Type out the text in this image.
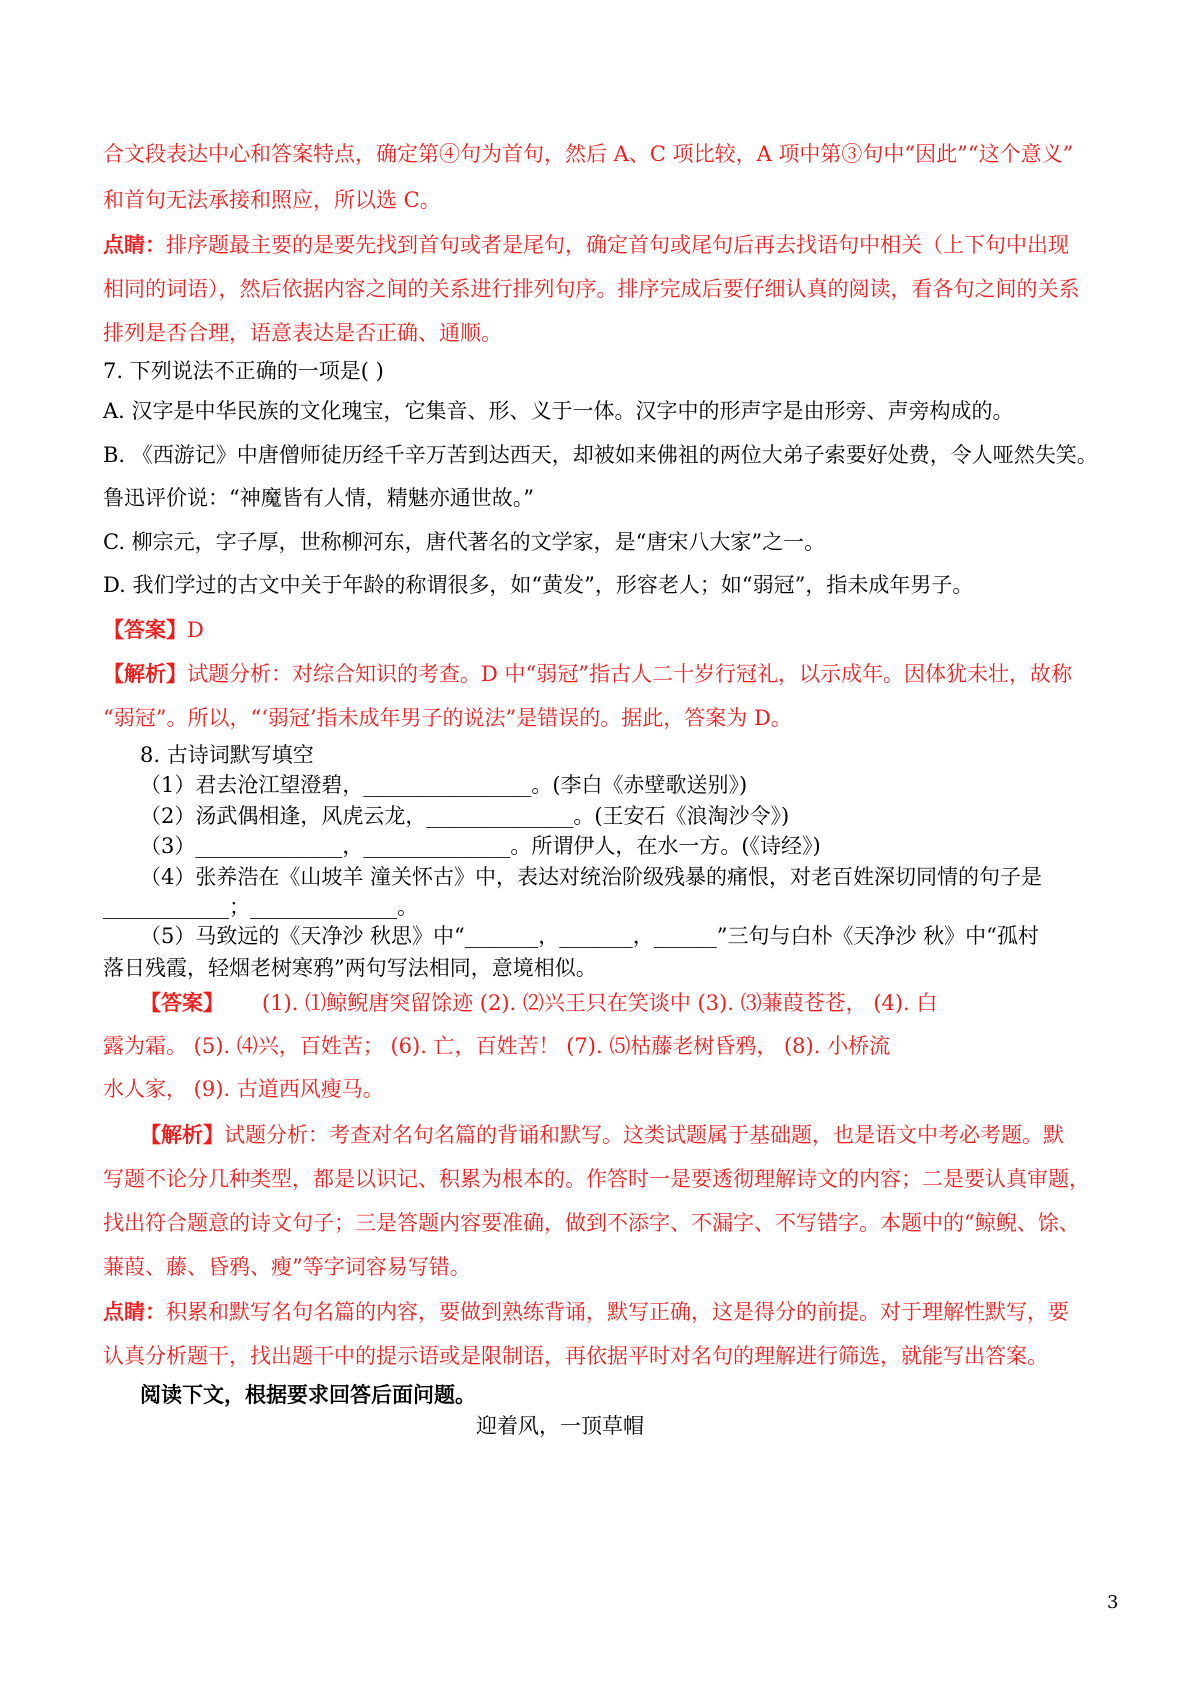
合文段表达中心和答案特点，确定第④句为首句，然后 A、C 项比较，A 项中第③句中“因此”“这个意义”
和首句无法承接和照应，所以选 C。
点睛：排序题最主要的是要先找到首句或者是尾句，确定首句或尾句后再去找语句中相关（上下句中出现
相同的词语），然后依据内容之间的关系进行排列句序。排序完成后要仔细认真的阅读，看各句之间的关系
排列是否合理，语意表达是否正确、通顺。
7. 下列说法不正确的一项是( )
A. 汉字是中华民族的文化瑰宝，它集音、形、义于一体。汉字中的形声字是由形旁、声旁构成的。
B. 《西游记》中唐僧师徒历经千辛万苦到达西天，却被如来佛祖的两位大弟子索要好处费，令人哑然失笑。
鲁迅评价说：“神魔皆有人情，精魅亦通世故。”
C. 柳宗元，字子厚，世称柳河东，唐代著名的文学家，是“唐宋八大家”之一。
D. 我们学过的古文中关于年龄的称谓很多，如“黄发”，形容老人；如“弱冠”，指未成年男子。
【答案】D
【解析】试题分析：对综合知识的考查。D 中“弱冠”指古人二十岁行冠礼，以示成年。因体犹未壮，故称
“弱冠”。所以，“‘弱冠’指未成年男子的说法”是错误的。据此，答案为 D。
8. 古诗词默写填空
（1）君去沧江望澄碧，________________。(李白《赤壁歌送别》)
（2）汤武偶相逢，风虎云龙，______________。(王安石《浪淘沙令》)
（3）______________，______________。所谓伊人，在水一方。(《诗经》)
（4）张养浩在《山坡羊 潼关怀古》中，表达对统治阶级残暴的痛恨，对老百姓深切同情的句子是
____________；______________。
（5）马致远的《天净沙 秋思》中“_______，_______，______”三句与白朴《天净沙 秋》中“孤村
落日残霞，轻烟老树寒鸦”两句写法相同，意境相似。
【答案】 (1). ⑴鲸鲵唐突留馀迹 (2). ⑵兴王只在笑谈中 (3). ⑶蒹葭苍苍， (4). 白
露为霜。 (5). ⑷兴，百姓苦； (6). 亡，百姓苦！ (7). ⑸枯藤老树昏鸦， (8). 小桥流
水人家， (9). 古道西风瘦马。
【解析】试题分析：考查对名句名篇的背诵和默写。这类试题属于基础题，也是语文中考必考题。默
写题不论分几种类型，都是以识记、积累为根本的。作答时一是要透彻理解诗文的内容；二是要认真审题，
找出符合题意的诗文句子；三是答题内容要准确，做到不添字、不漏字、不写错字。本题中的“鲸鲵、馀、
蒹葭、藤、昏鸦、瘦”等字词容易写错。
点睛：积累和默写名句名篇的内容，要做到熟练背诵，默写正确，这是得分的前提。对于理解性默写，要
认真分析题干，找出题干中的提示语或是限制语，再依据平时对名句的理解进行筛选，就能写出答案。
阅读下文，根据要求回答后面问题。
迎着风，一顶草帽
3
